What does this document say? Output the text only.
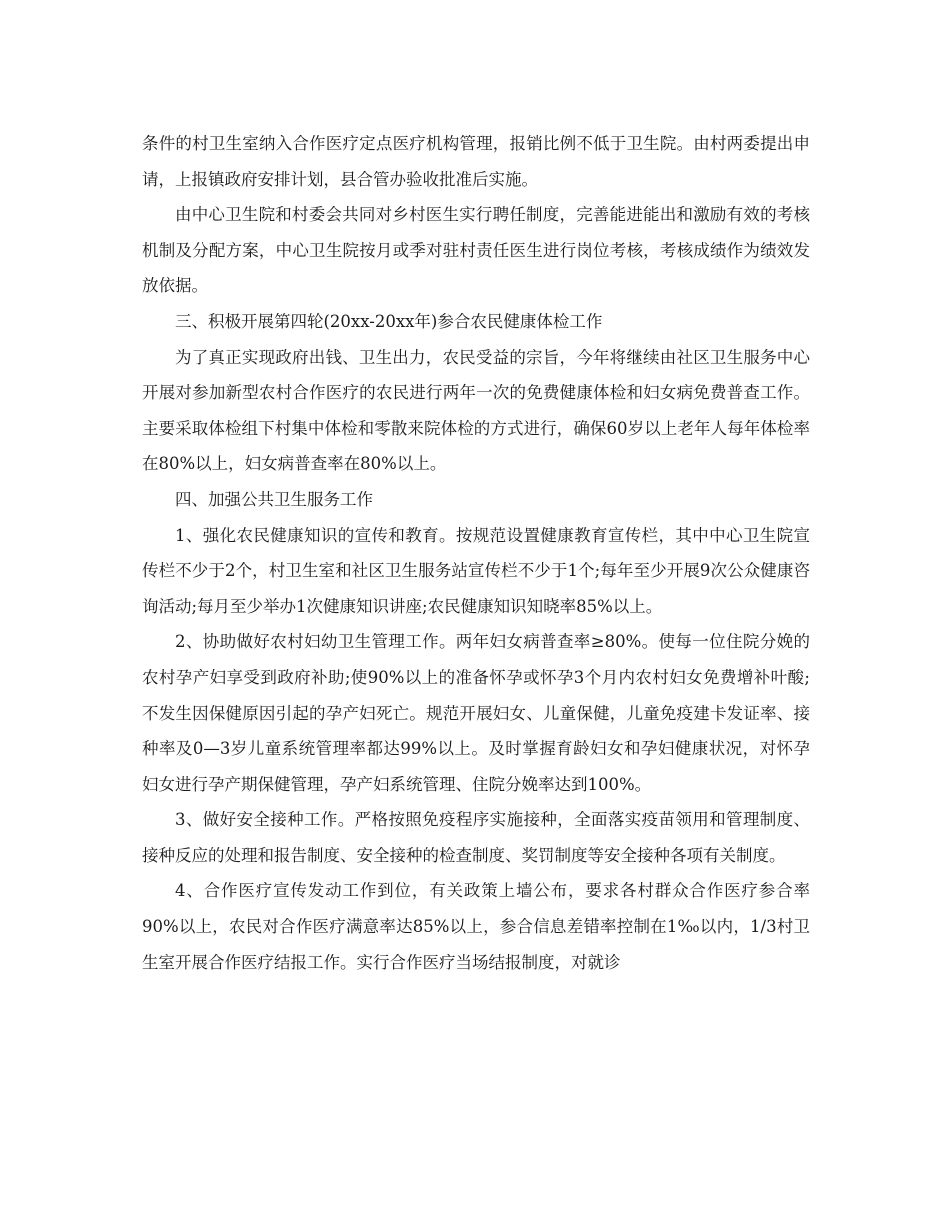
条件的村卫生室纳入合作医疗定点医疗机构管理，报销比例不低于卫生院。由村两委提出申请，上报镇政府安排计划，县合管办验收批准后实施。

由中心卫生院和村委会共同对乡村医生实行聘任制度，完善能进能出和激励有效的考核机制及分配方案，中心卫生院按月或季对驻村责任医生进行岗位考核，考核成绩作为绩效发放依据。

三、积极开展第四轮(20xx-20xx年)参合农民健康体检工作

为了真正实现政府出钱、卫生出力，农民受益的宗旨，今年将继续由社区卫生服务中心开展对参加新型农村合作医疗的农民进行两年一次的免费健康体检和妇女病免费普查工作。主要采取体检组下村集中体检和零散来院体检的方式进行，确保60岁以上老年人每年体检率在80%以上，妇女病普查率在80%以上。

四、加强公共卫生服务工作

1、强化农民健康知识的宣传和教育。按规范设置健康教育宣传栏，其中中心卫生院宣传栏不少于2个，村卫生室和社区卫生服务站宣传栏不少于1个;每年至少开展9次公众健康咨询活动;每月至少举办1次健康知识讲座;农民健康知识知晓率85%以上。

2、协助做好农村妇幼卫生管理工作。两年妇女病普查率≥80%。使每一位住院分娩的农村孕产妇享受到政府补助;使90%以上的准备怀孕或怀孕3个月内农村妇女免费增补叶酸;不发生因保健原因引起的孕产妇死亡。规范开展妇女、儿童保健，儿童免疫建卡发证率、接种率及0—3岁儿童系统管理率都达99%以上。及时掌握育龄妇女和孕妇健康状况，对怀孕妇女进行孕产期保健管理，孕产妇系统管理、住院分娩率达到100%。

3、做好安全接种工作。严格按照免疫程序实施接种，全面落实疫苗领用和管理制度、接种反应的处理和报告制度、安全接种的检查制度、奖罚制度等安全接种各项有关制度。

4、合作医疗宣传发动工作到位，有关政策上墙公布，要求各村群众合作医疗参合率90%以上，农民对合作医疗满意率达85%以上，参合信息差错率控制在1‰以内，1/3村卫生室开展合作医疗结报工作。实行合作医疗当场结报制度，对就诊
